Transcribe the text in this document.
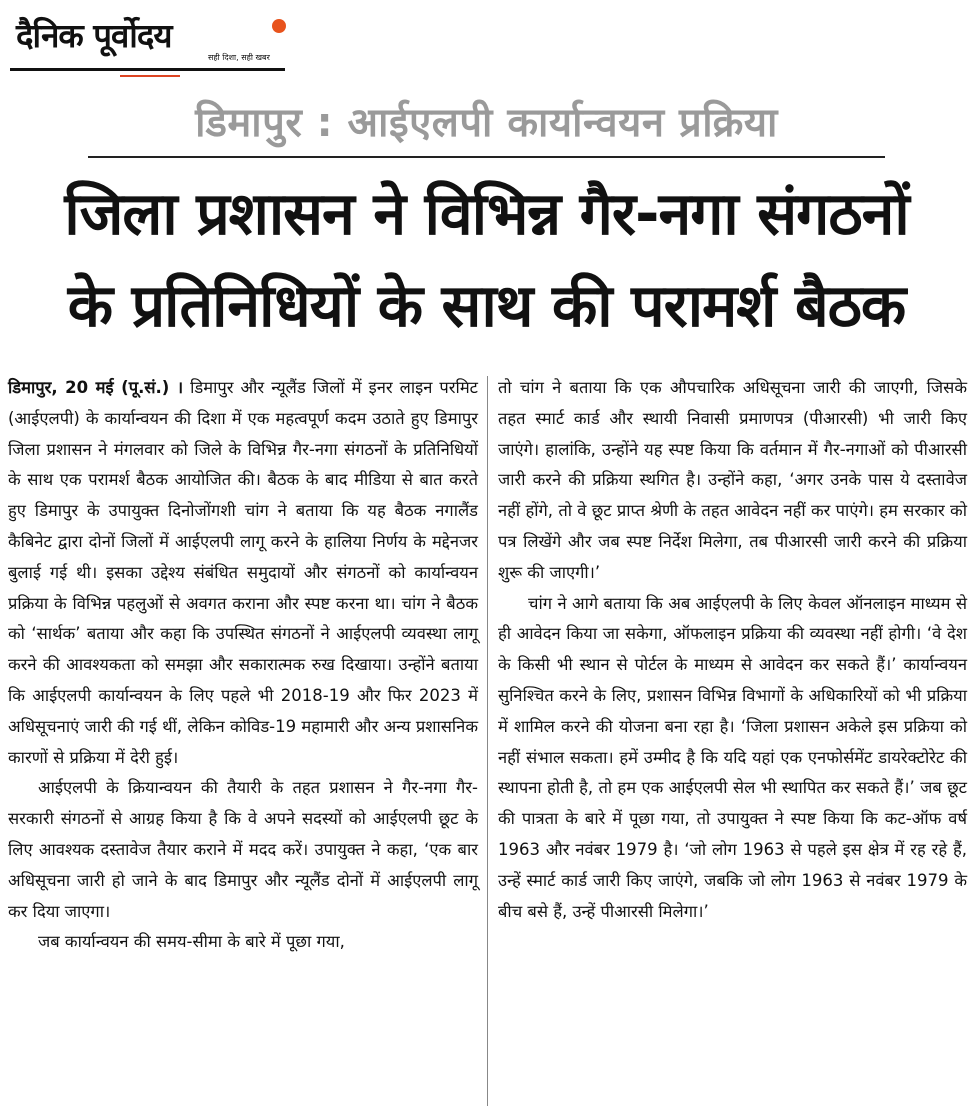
दैनिक पूर्वोदय
सही दिशा, सही खबर
डिमापुर : आईएलपी कार्यान्वयन प्रक्रिया
जिला प्रशासन ने विभिन्न गैर-नगा संगठनों
के प्रतिनिधियों के साथ की परामर्श बैठक

डिमापुर, 20 मई (पू.सं.) । डिमापुर और न्यूलैंड जिलों में इनर लाइन परमिट (आईएलपी) के कार्यान्वयन की दिशा में एक महत्वपूर्ण कदम उठाते हुए डिमापुर जिला प्रशासन ने मंगलवार को जिले के विभिन्न गैर-नगा संगठनों के प्रतिनिधियों के साथ एक परामर्श बैठक आयोजित की। बैठक के बाद मीडिया से बात करते हुए डिमापुर के उपायुक्त दिनोजोंगशी चांग ने बताया कि यह बैठक नगालैंड कैबिनेट द्वारा दोनों जिलों में आईएलपी लागू करने के हालिया निर्णय के मद्देनजर बुलाई गई थी। इसका उद्देश्य संबंधित समुदायों और संगठनों को कार्यान्वयन प्रक्रिया के विभिन्न पहलुओं से अवगत कराना और स्पष्ट करना था। चांग ने बैठक को ‘सार्थक’ बताया और कहा कि उपस्थित संगठनों ने आईएलपी व्यवस्था लागू करने की आवश्यकता को समझा और सकारात्मक रुख दिखाया। उन्होंने बताया कि आईएलपी कार्यान्वयन के लिए पहले भी 2018-19 और फिर 2023 में अधिसूचनाएं जारी की गई थीं, लेकिन कोविड-19 महामारी और अन्य प्रशासनिक कारणों से प्रक्रिया में देरी हुई।

आईएलपी के क्रियान्वयन की तैयारी के तहत प्रशासन ने गैर-नगा गैर-सरकारी संगठनों से आग्रह किया है कि वे अपने सदस्यों को आईएलपी छूट के लिए आवश्यक दस्तावेज तैयार कराने में मदद करें। उपायुक्त ने कहा, ‘एक बार अधिसूचना जारी हो जाने के बाद डिमापुर और न्यूलैंड दोनों में आईएलपी लागू कर दिया जाएगा।

जब कार्यान्वयन की समय-सीमा के बारे में पूछा गया,

तो चांग ने बताया कि एक औपचारिक अधिसूचना जारी की जाएगी, जिसके तहत स्मार्ट कार्ड और स्थायी निवासी प्रमाणपत्र (पीआरसी) भी जारी किए जाएंगे। हालांकि, उन्होंने यह स्पष्ट किया कि वर्तमान में गैर-नगाओं को पीआरसी जारी करने की प्रक्रिया स्थगित है। उन्होंने कहा, ‘अगर उनके पास ये दस्तावेज नहीं होंगे, तो वे छूट प्राप्त श्रेणी के तहत आवेदन नहीं कर पाएंगे। हम सरकार को पत्र लिखेंगे और जब स्पष्ट निर्देश मिलेगा, तब पीआरसी जारी करने की प्रक्रिया शुरू की जाएगी।’

चांग ने आगे बताया कि अब आईएलपी के लिए केवल ऑनलाइन माध्यम से ही आवेदन किया जा सकेगा, ऑफलाइन प्रक्रिया की व्यवस्था नहीं होगी। ‘वे देश के किसी भी स्थान से पोर्टल के माध्यम से आवेदन कर सकते हैं।’ कार्यान्वयन सुनिश्चित करने के लिए, प्रशासन विभिन्न विभागों के अधिकारियों को भी प्रक्रिया में शामिल करने की योजना बना रहा है। ‘जिला प्रशासन अकेले इस प्रक्रिया को नहीं संभाल सकता। हमें उम्मीद है कि यदि यहां एक एनफोर्समेंट डायरेक्टोरेट की स्थापना होती है, तो हम एक आईएलपी सेल भी स्थापित कर सकते हैं।’ जब छूट की पात्रता के बारे में पूछा गया, तो उपायुक्त ने स्पष्ट किया कि कट-ऑफ वर्ष 1963 और नवंबर 1979 है। ‘जो लोग 1963 से पहले इस क्षेत्र में रह रहे हैं, उन्हें स्मार्ट कार्ड जारी किए जाएंगे, जबकि जो लोग 1963 से नवंबर 1979 के बीच बसे हैं, उन्हें पीआरसी मिलेगा।’
